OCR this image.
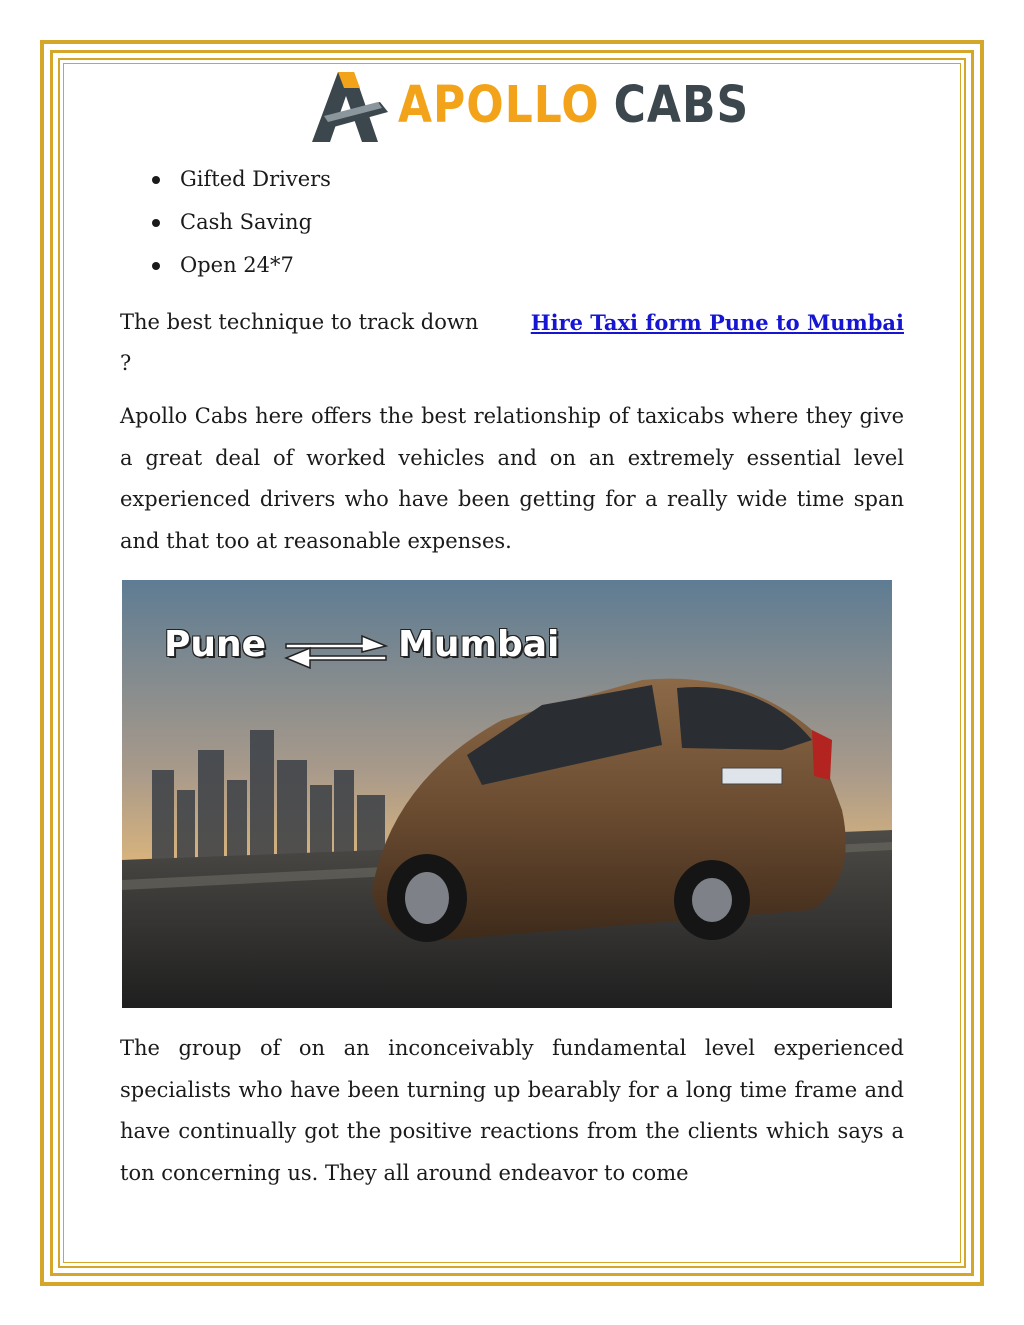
APOLLO CABS
Gifted Drivers
Cash Saving
Open 24*7
The best technique to track down Hire Taxi form Pune to Mumbai
?

Apollo Cabs here offers the best relationship of taxicabs where they give a great deal of worked vehicles and on an extremely essential level experienced drivers who have been getting for a really wide time span and that too at reasonable expenses.

Pune	Mumbai

The group of on an inconceivably fundamental level experienced specialists who have been turning up bearably for a long time frame and have continually got the positive reactions from the clients which says a ton concerning us. They all around endeavor to come
